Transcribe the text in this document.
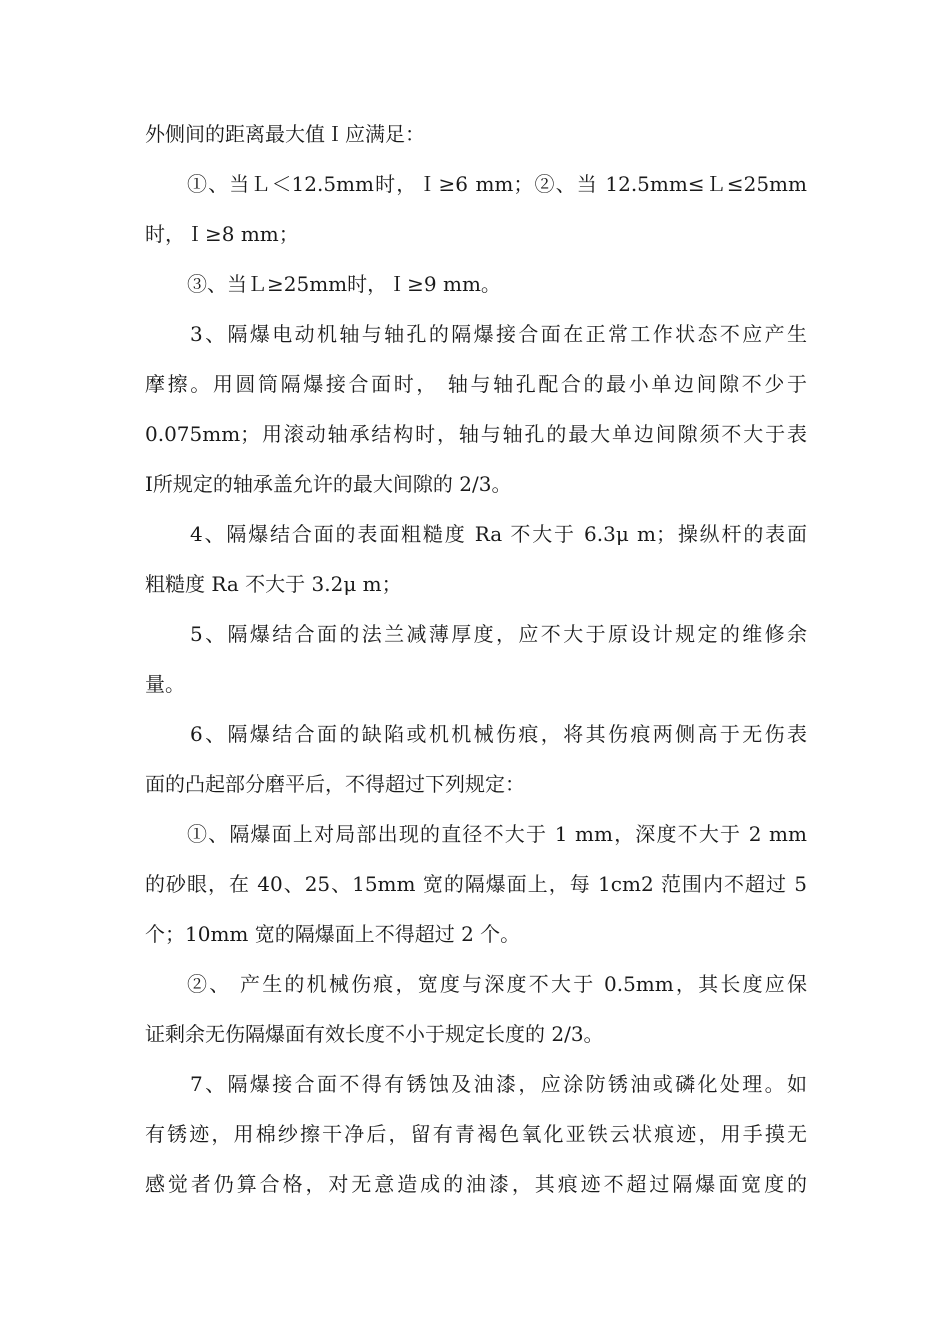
外侧间的距离最大值Ｉ应满足：
①、当Ｌ＜12.5mm时，Ｉ≥6 mm；②、当 12.5mm≤Ｌ≤25mm
时，Ｉ≥8 mm；
③、当Ｌ≥25mm时，Ｉ≥9 mm。
3、隔爆电动机轴与轴孔的隔爆接合面在正常工作状态不应产生
摩擦。用圆筒隔爆接合面时， 轴与轴孔配合的最小单边间隙不少于
0.075mm；用滚动轴承结构时，轴与轴孔的最大单边间隙须不大于表
Ⅰ所规定的轴承盖允许的最大间隙的 2/3。
4、隔爆结合面的表面粗糙度 Ra 不大于 6.3μ m；操纵杆的表面
粗糙度 Ra 不大于 3.2μ m；
5、隔爆结合面的法兰减薄厚度，应不大于原设计规定的维修余
量。
6、隔爆结合面的缺陷或机机械伤痕，将其伤痕两侧高于无伤表
面的凸起部分磨平后，不得超过下列规定：
①、隔爆面上对局部出现的直径不大于 1 mm，深度不大于 2 mm
的砂眼，在 40、25、15mm 宽的隔爆面上，每 1cm2 范围内不超过 5
个；10mm 宽的隔爆面上不得超过 2 个。
②、 产生的机械伤痕，宽度与深度不大于 0.5mm，其长度应保
证剩余无伤隔爆面有效长度不小于规定长度的 2/3。
7、隔爆接合面不得有锈蚀及油漆，应涂防锈油或磷化处理。如
有锈迹，用棉纱擦干净后，留有青褐色氧化亚铁云状痕迹，用手摸无
感觉者仍算合格，对无意造成的油漆，其痕迹不超过隔爆面宽度的
